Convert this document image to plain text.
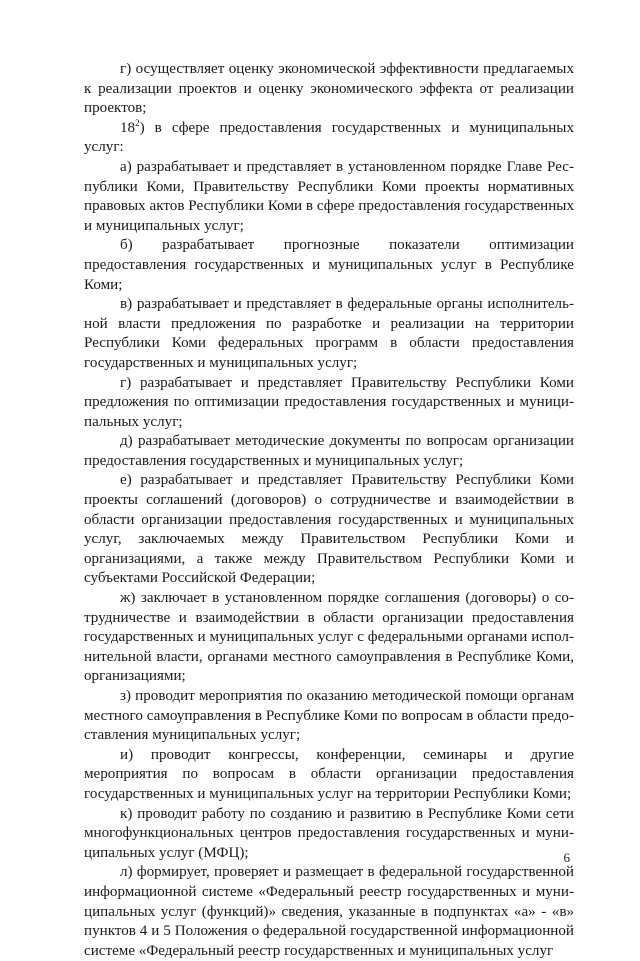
г) осуществляет оценку экономической эффективности предлагаемых к реализации проектов и оценку экономического эффекта от реализации проектов;

$18^2$) в сфере предоставления государственных и муниципальных услуг:

а) разрабатывает и представляет в установленном порядке Главе Республики Коми, Правительству Республики Коми проекты нормативных правовых актов Республики Коми в сфере предоставления государственных и муниципальных услуг;

б) разрабатывает прогнозные показатели оптимизации предоставления государственных и муниципальных услуг в Республике Коми;

в) разрабатывает и представляет в федеральные органы исполнительной власти предложения по разработке и реализации на территории Республики Коми федеральных программ в области предоставления государственных и муниципальных услуг;

г) разрабатывает и представляет Правительству Республики Коми предложения по оптимизации предоставления государственных и муниципальных услуг;

д) разрабатывает методические документы по вопросам организации предоставления государственных и муниципальных услуг;

е) разрабатывает и представляет Правительству Республики Коми проекты соглашений (договоров) о сотрудничестве и взаимодействии в области организации предоставления государственных и муниципальных услуг, заключаемых между Правительством Республики Коми и организациями, а также между Правительством Республики Коми и субъектами Российской Федерации;

ж) заключает в установленном порядке соглашения (договоры) о сотрудничестве и взаимодействии в области организации предоставления государственных и муниципальных услуг с федеральными органами исполнительной власти, органами местного самоуправления в Республике Коми, организациями;

з) проводит мероприятия по оказанию методической помощи органам местного самоуправления в Республике Коми по вопросам в области предоставления муниципальных услуг;

и) проводит конгрессы, конференции, семинары и другие мероприятия по вопросам в области организации предоставления государственных и муниципальных услуг на территории Республики Коми;

к) проводит работу по созданию и развитию в Республике Коми сети многофункциональных центров предоставления государственных и муниципальных услуг (МФЦ);

л) формирует, проверяет и размещает в федеральной государственной информационной системе «Федеральный реестр государственных и муниципальных услуг (функций)» сведения, указанные в подпунктах «а» - «в» пунктов 4 и 5 Положения о федеральной государственной информационной системе «Федеральный реестр государственных и муниципальных услуг

6
